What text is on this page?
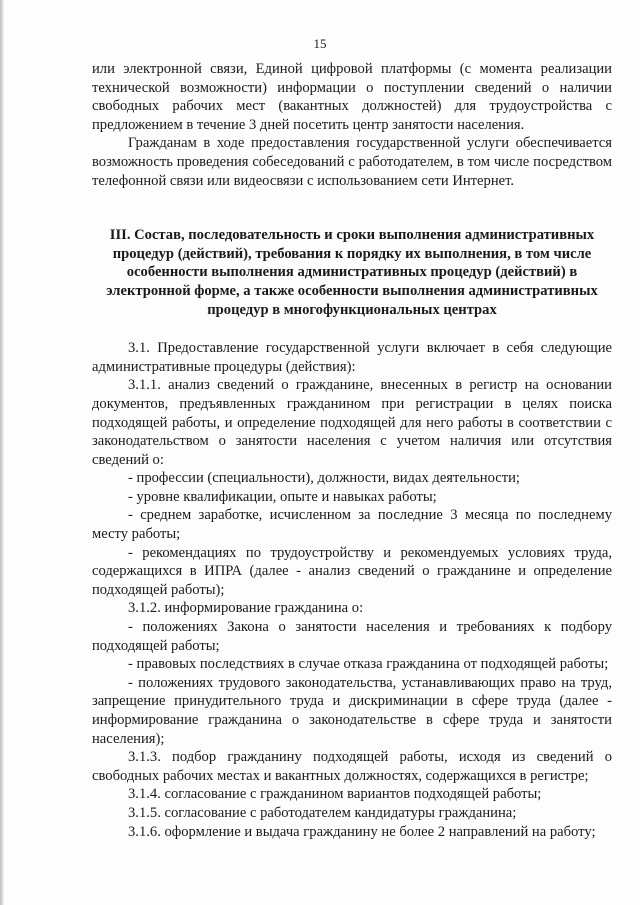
15

или электронной связи, Единой цифровой платформы (с момента реализации технической возможности) информации о поступлении сведений о наличии свободных рабочих мест (вакантных должностей) для трудоустройства с предложением в течение 3 дней посетить центр занятости населения.

Гражданам в ходе предоставления государственной услуги обеспечивается возможность проведения собеседований с работодателем, в том числе посредством телефонной связи или видеосвязи с использованием сети Интернет.

III. Состав, последовательность и сроки выполнения административных процедур (действий), требования к порядку их выполнения, в том числе особенности выполнения административных процедур (действий) в электронной форме, а также особенности выполнения административных процедур в многофункциональных центрах

3.1. Предоставление государственной услуги включает в себя следующие административные процедуры (действия):

3.1.1. анализ сведений о гражданине, внесенных в регистр на основании документов, предъявленных гражданином при регистрации в целях поиска подходящей работы, и определение подходящей для него работы в соответствии с законодательством о занятости населения с учетом наличия или отсутствия сведений о:

- профессии (специальности), должности, видах деятельности;

- уровне квалификации, опыте и навыках работы;

- среднем заработке, исчисленном за последние 3 месяца по последнему месту работы;

- рекомендациях по трудоустройству и рекомендуемых условиях труда, содержащихся в ИПРА (далее - анализ сведений о гражданине и определение подходящей работы);

3.1.2. информирование гражданина о:

- положениях Закона о занятости населения и требованиях к подбору подходящей работы;

- правовых последствиях в случае отказа гражданина от подходящей работы;

- положениях трудового законодательства, устанавливающих право на труд, запрещение принудительного труда и дискриминации в сфере труда (далее - информирование гражданина о законодательстве в сфере труда и занятости населения);

3.1.3. подбор гражданину подходящей работы, исходя из сведений о свободных рабочих местах и вакантных должностях, содержащихся в регистре;

3.1.4. согласование с гражданином вариантов подходящей работы;

3.1.5. согласование с работодателем кандидатуры гражданина;

3.1.6. оформление и выдача гражданину не более 2 направлений на работу;
